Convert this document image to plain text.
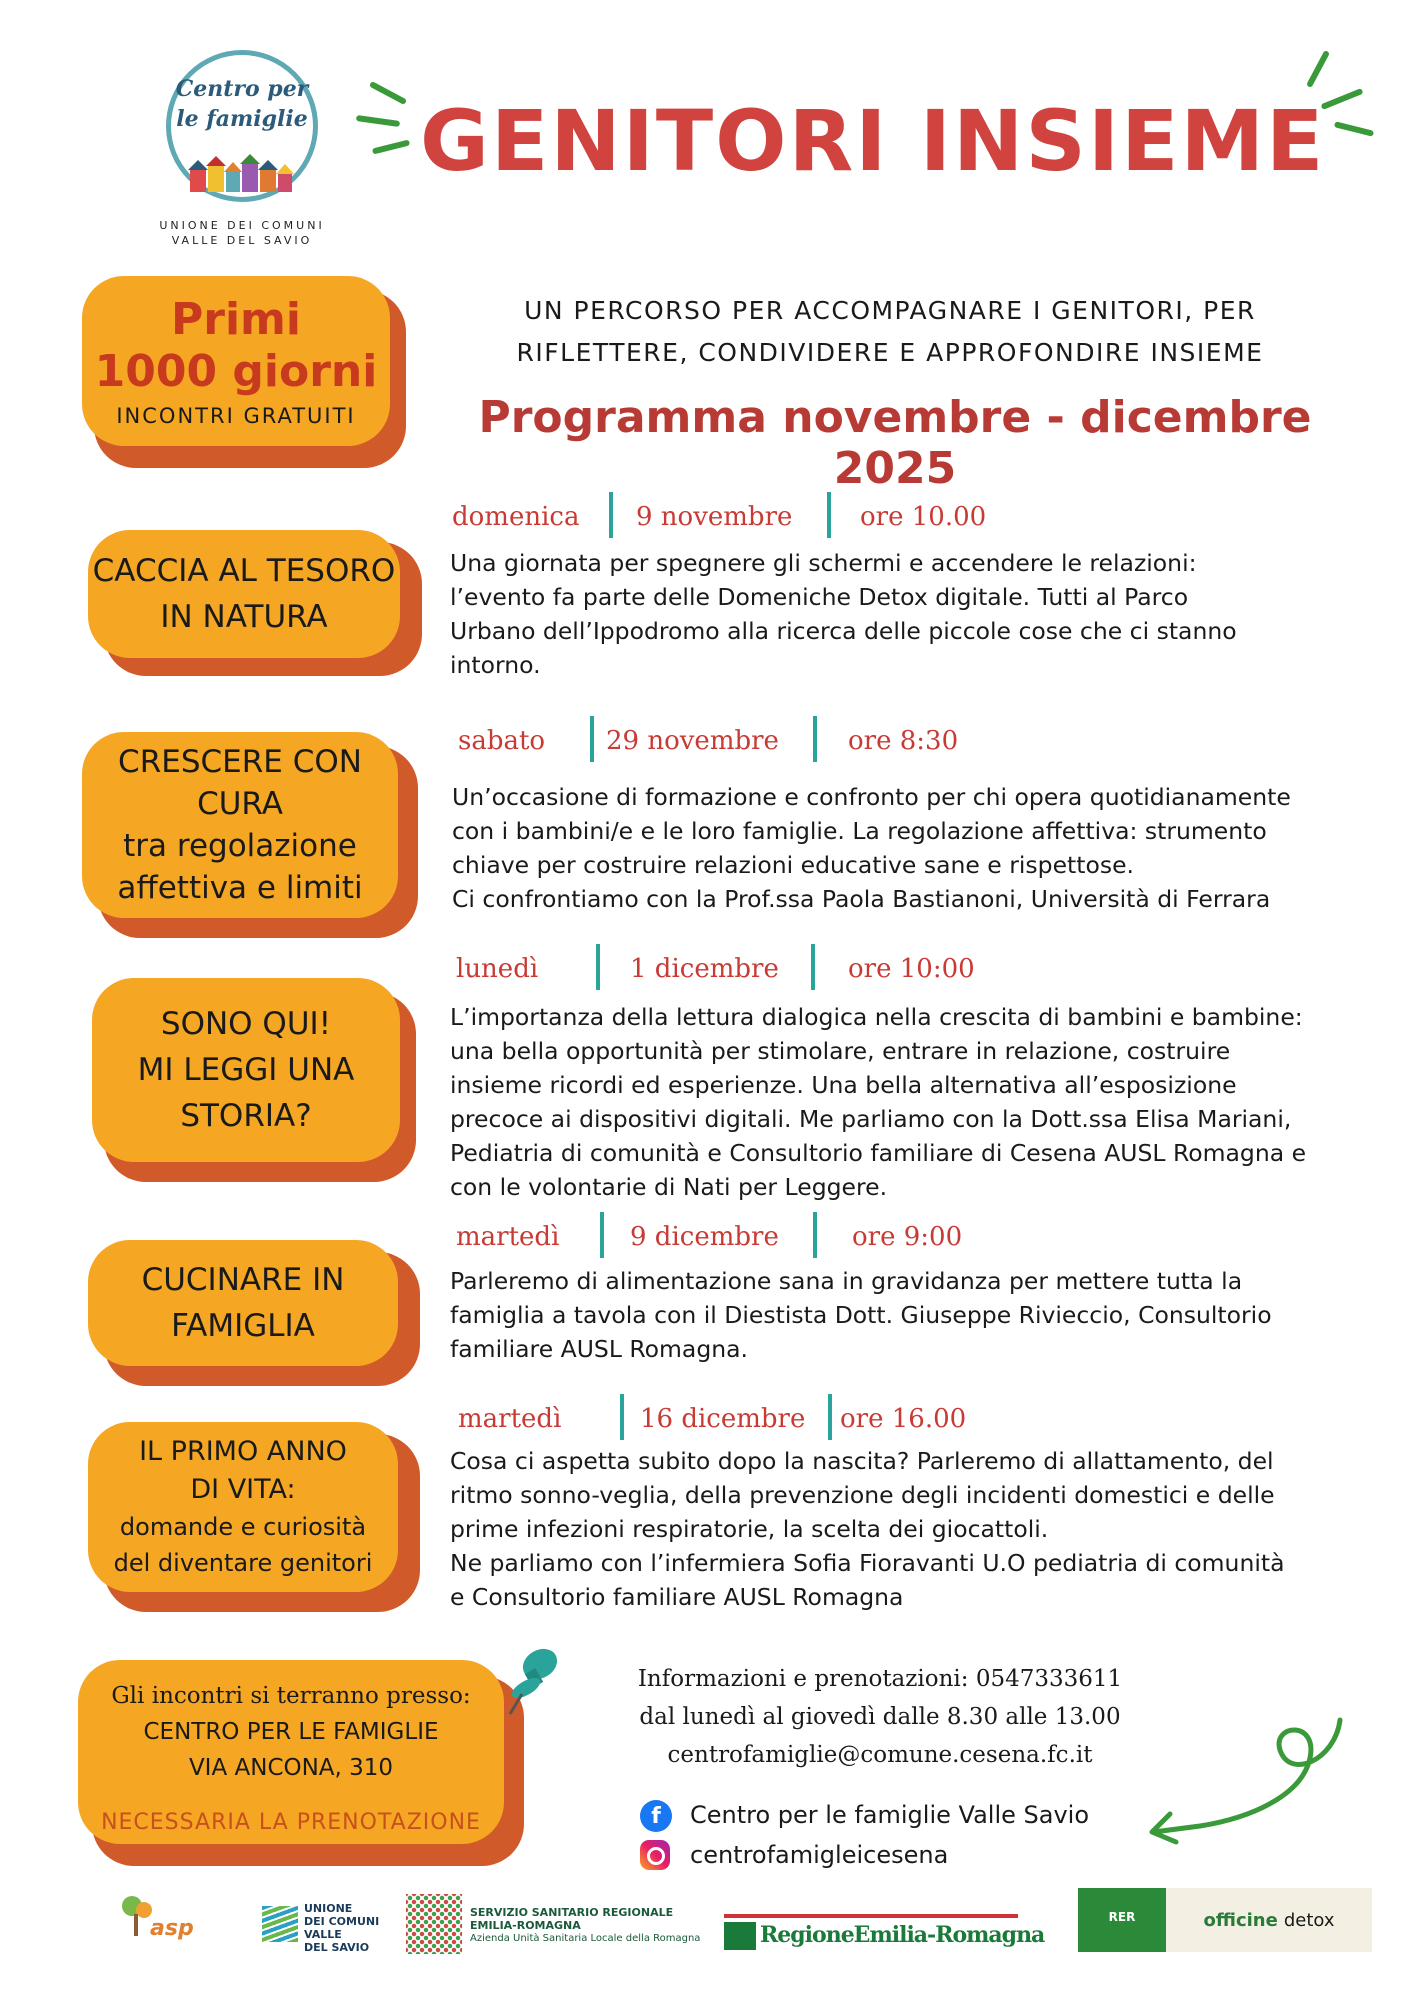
Centro per
le famiglie
UNIONE DEI COMUNI
VALLE DEL SAVIO
GENITORI INSIEME
Primi
1000 giorni
INCONTRI GRATUITI
UN PERCORSO PER ACCOMPAGNARE I GENITORI, PER
RIFLETTERE, CONDIVIDERE E APPROFONDIRE INSIEME
Programma novembre - dicembre 2025
CACCIA AL TESORO
IN NATURA
domenica 9 novembre	ore 10.00
Una giornata per spegnere gli schermi e accendere le relazioni:
l’evento fa parte delle Domeniche Detox digitale. Tutti al Parco
Urbano dell’Ippodromo alla ricerca delle piccole cose che ci stanno
intorno.
CRESCERE CON CURA
tra regolazione
affettiva e limiti
sabato 29 novembre	ore 8:30
Un’occasione di formazione e confronto per chi opera quotidianamente
con i bambini/e e le loro famiglie. La regolazione affettiva: strumento
chiave per costruire relazioni educative sane e rispettose.
Ci confrontiamo con la Prof.ssa Paola Bastianoni, Università di Ferrara
SONO QUI!
MI LEGGI UNA
STORIA?
lunedì	1 dicembre	ore 10:00
L’importanza della lettura dialogica nella crescita di bambini e bambine:
una bella opportunità per stimolare, entrare in relazione, costruire
insieme ricordi ed esperienze. Una bella alternativa all’esposizione
precoce ai dispositivi digitali. Me parliamo con la Dott.ssa Elisa Mariani,
Pediatria di comunità e Consultorio familiare di Cesena AUSL Romagna e
con le volontarie di Nati per Leggere.
CUCINARE IN
FAMIGLIA
martedì	9 dicembre	ore 9:00
Parleremo di alimentazione sana in gravidanza per mettere tutta la
famiglia a tavola con il Diestista Dott. Giuseppe Rivieccio, Consultorio
familiare AUSL Romagna.
IL PRIMO ANNO
DI VITA:
domande e curiosità
del diventare genitori
martedì	16 dicembre ore 16.00
Cosa ci aspetta subito dopo la nascita? Parleremo di allattamento, del
ritmo sonno-veglia, della prevenzione degli incidenti domestici e delle
prime infezioni respiratorie, la scelta dei giocattoli.
Ne parliamo con l’infermiera Sofia Fioravanti U.O pediatria di comunità
e Consultorio familiare AUSL Romagna
Gli incontri si terranno presso:
CENTRO PER LE FAMIGLIE
VIA ANCONA, 310
NECESSARIA LA PRENOTAZIONE
Informazioni e prenotazioni: 0547333611
dal lunedì al giovedì dalle 8.30 alle 13.00
centrofamiglie@comune.cesena.fc.it
f	Centro per le famiglie Valle Savio
centrofamigleicesena
asp
UNIONE
DEI COMUNI
VALLE
DEL SAVIO
SERVIZIO SANITARIO REGIONALE
EMILIA-ROMAGNA
Azienda Unità Sanitaria Locale della Romagna	RegioneEmilia-Romagna
RER	officine detox
